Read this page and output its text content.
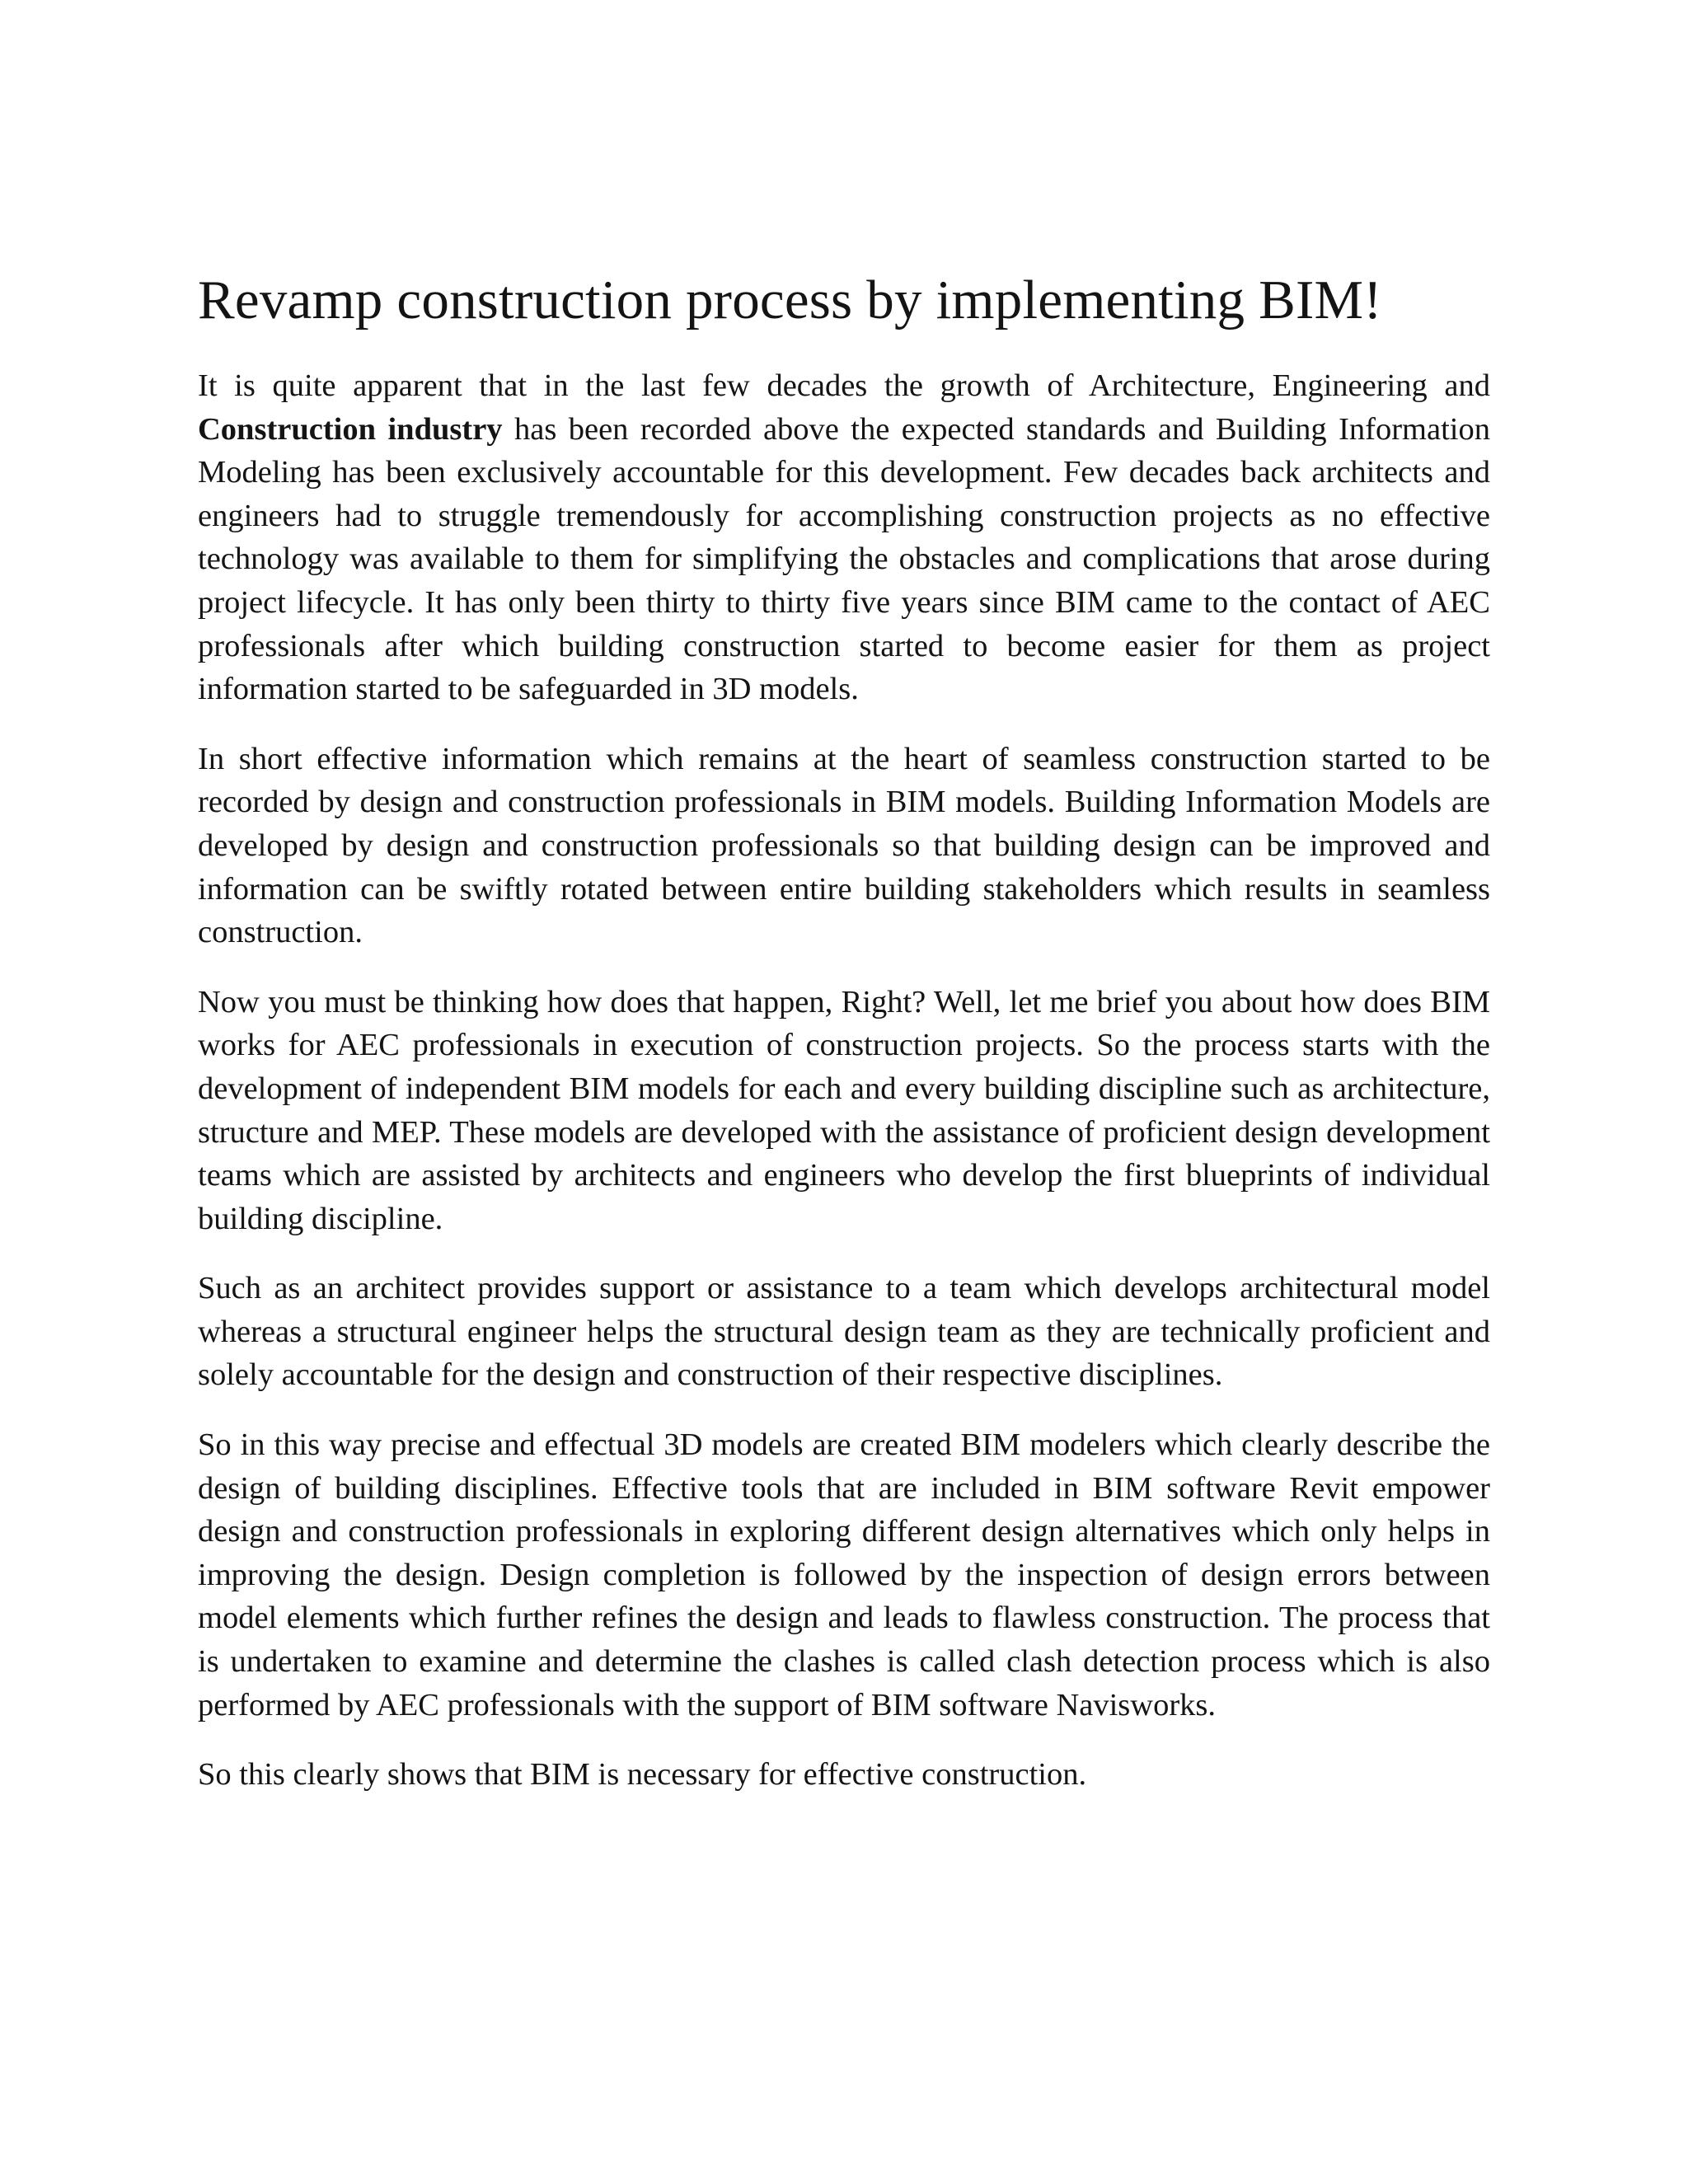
Revamp construction process by implementing BIM!

It is quite apparent that in the last few decades the growth of Architecture, Engineering and Construction industry has been recorded above the expected standards and Building Information Modeling has been exclusively accountable for this development. Few decades back architects and engineers had to struggle tremendously for accomplishing construction projects as no effective technology was available to them for simplifying the obstacles and complications that arose during project lifecycle. It has only been thirty to thirty five years since BIM came to the contact of AEC professionals after which building construction started to become easier for them as project information started to be safeguarded in 3D models.

In short effective information which remains at the heart of seamless construction started to be recorded by design and construction professionals in BIM models. Building Information Models are developed by design and construction professionals so that building design can be improved and information can be swiftly rotated between entire building stakeholders which results in seamless construction.

Now you must be thinking how does that happen, Right? Well, let me brief you about how does BIM works for AEC professionals in execution of construction projects. So the process starts with the development of independent BIM models for each and every building discipline such as architecture, structure and MEP. These models are developed with the assistance of proficient design development teams which are assisted by architects and engineers who develop the first blueprints of individual building discipline.

Such as an architect provides support or assistance to a team which develops architectural model whereas a structural engineer helps the structural design team as they are technically proficient and solely accountable for the design and construction of their respective disciplines.

So in this way precise and effectual 3D models are created BIM modelers which clearly describe the design of building disciplines. Effective tools that are included in BIM software Revit empower design and construction professionals in exploring different design alternatives which only helps in improving the design. Design completion is followed by the inspection of design errors between model elements which further refines the design and leads to flawless construction. The process that is undertaken to examine and determine the clashes is called clash detection process which is also performed by AEC professionals with the support of BIM software Navisworks.

So this clearly shows that BIM is necessary for effective construction.
